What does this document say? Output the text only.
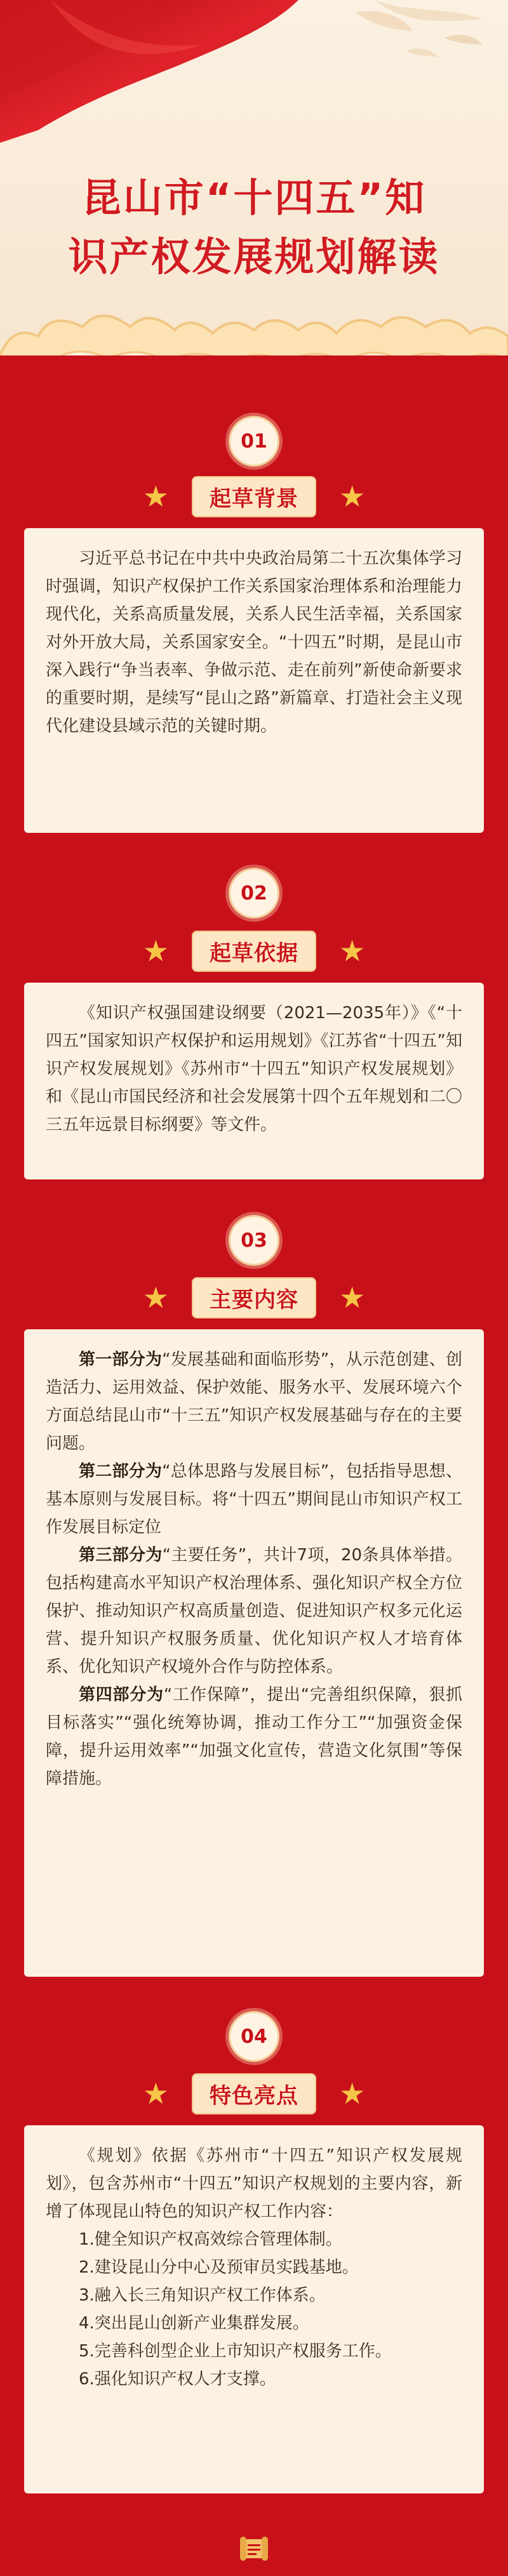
昆山市“十四五”知
识产权发展规划解读
01
★	起草背景	★

习近平总书记在中共中央政治局第二十五次集体学习时强调，知识产权保护工作关系国家治理体系和治理能力现代化，关系高质量发展，关系人民生活幸福，关系国家对外开放大局，关系国家安全。“十四五”时期，是昆山市深入践行“争当表率、争做示范、走在前列”新使命新要求的重要时期，是续写“昆山之路”新篇章、打造社会主义现代化建设县域示范的关键时期。

02
★	起草依据	★

《知识产权强国建设纲要（2021—2035年）》《“十四五”国家知识产权保护和运用规划》《江苏省“十四五”知识产权发展规划》《苏州市“十四五”知识产权发展规划》和《昆山市国民经济和社会发展第十四个五年规划和二〇三五年远景目标纲要》等文件。

03
★	主要内容	★

第一部分为“发展基础和面临形势”，从示范创建、创造活力、运用效益、保护效能、服务水平、发展环境六个方面总结昆山市“十三五”知识产权发展基础与存在的主要问题。

第二部分为“总体思路与发展目标”，包括指导思想、基本原则与发展目标。将“十四五”期间昆山市知识产权工作发展目标定位

第三部分为“主要任务”，共计7项，20条具体举措。包括构建高水平知识产权治理体系、强化知识产权全方位保护、推动知识产权高质量创造、促进知识产权多元化运营、提升知识产权服务质量、优化知识产权人才培育体系、优化知识产权境外合作与防控体系。

第四部分为“工作保障”，提出“完善组织保障，狠抓目标落实”“强化统筹协调，推动工作分工”“加强资金保障，提升运用效率”“加强文化宣传，营造文化氛围”等保障措施。

04
★	特色亮点	★

《规划》依据《苏州市“十四五”知识产权发展规划》，包含苏州市“十四五”知识产权规划的主要内容，新增了体现昆山特色的知识产权工作内容：

1.健全知识产权高效综合管理体制。

2.建设昆山分中心及预审员实践基地。

3.融入长三角知识产权工作体系。

4.突出昆山创新产业集群发展。

5.完善科创型企业上市知识产权服务工作。

6.强化知识产权人才支撑。
